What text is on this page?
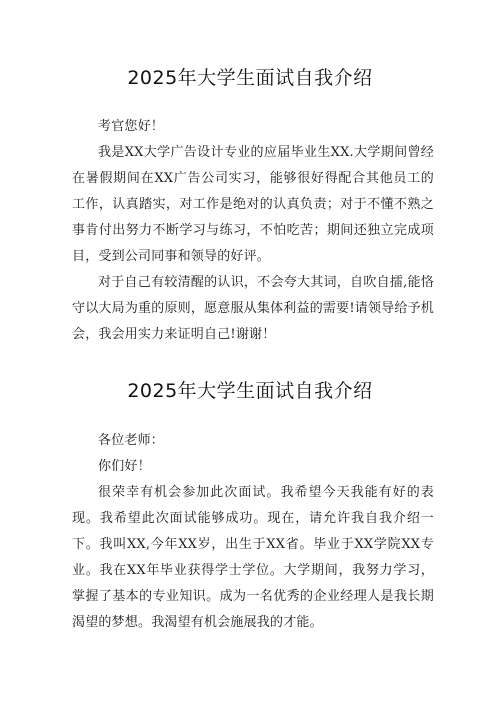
2025年大学生面试自我介绍

考官您好！

我是XX大学广告设计专业的应届毕业生XX.大学期间曾经在暑假期间在XX广告公司实习，能够很好得配合其他员工的工作，认真踏实，对工作是绝对的认真负责；对于不懂不熟之事肯付出努力不断学习与练习，不怕吃苦；期间还独立完成项目，受到公司同事和领导的好评。

对于自己有较清醒的认识，不会夸大其词，自吹自擂,能恪守以大局为重的原则，愿意服从集体利益的需要!请领导给予机会，我会用实力来证明自己!谢谢！

2025年大学生面试自我介绍

各位老师：

你们好！

很荣幸有机会参加此次面试。我希望今天我能有好的表现。我希望此次面试能够成功。现在，请允许我自我介绍一下。我叫XX,今年XX岁，出生于XX省。毕业于XX学院XX专业。我在XX年毕业获得学士学位。大学期间，我努力学习，掌握了基本的专业知识。成为一名优秀的企业经理人是我长期渴望的梦想。我渴望有机会施展我的才能。
